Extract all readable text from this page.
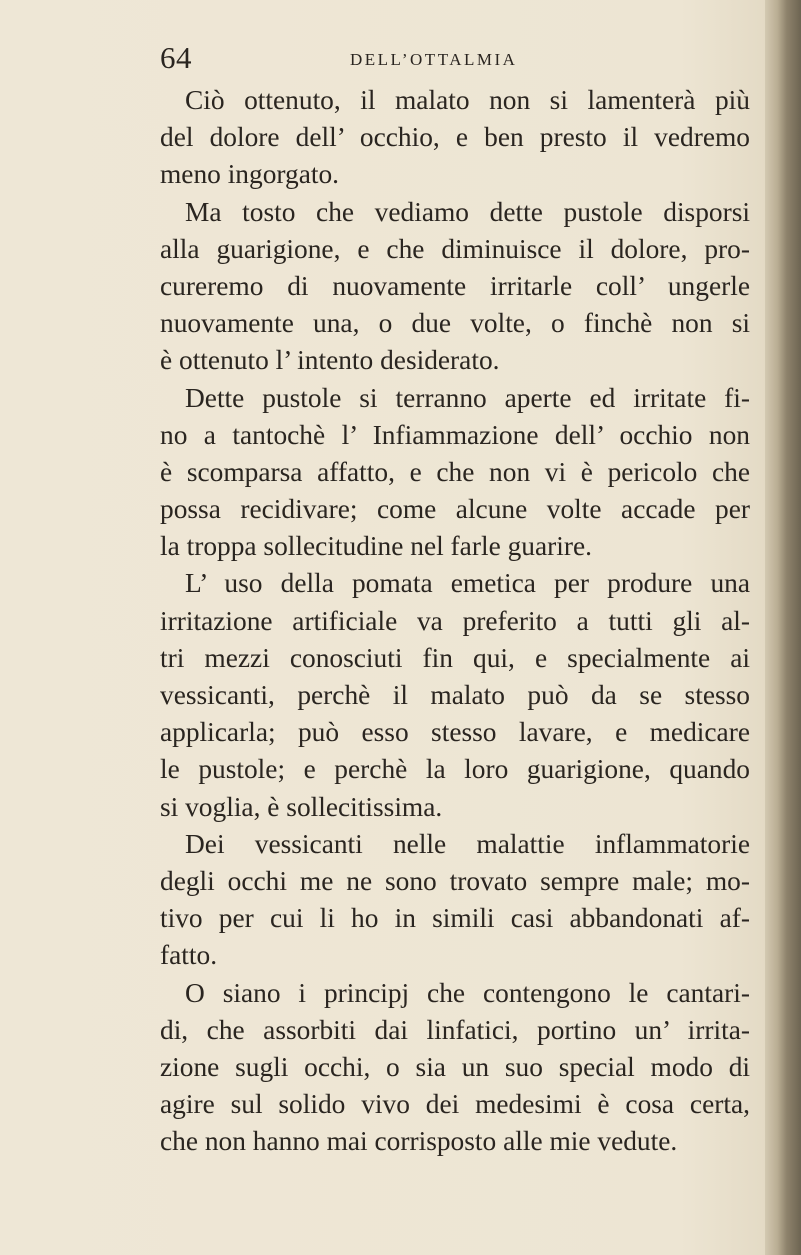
64	DELL’OTTALMIA
Ciò ottenuto, il malato non si lamenterà più
del dolore dell’ occhio, e ben presto il vedremo
meno ingorgato.
Ma tosto che vediamo dette pustole disporsi
alla guarigione, e che diminuisce il dolore, pro-
cureremo di nuovamente irritarle coll’ ungerle
nuovamente una, o due volte, o finchè non si
è ottenuto l’ intento desiderato.
Dette pustole si terranno aperte ed irritate fi-
no a tantochè l’ Infiammazione dell’ occhio non
è scomparsa affatto, e che non vi è pericolo che
possa recidivare; come alcune volte accade per
la troppa sollecitudine nel farle guarire.
L’ uso della pomata emetica per produre una
irritazione artificiale va preferito a tutti gli al-
tri mezzi conosciuti fin qui, e specialmente ai
vessicanti, perchè il malato può da se stesso
applicarla; può esso stesso lavare, e medicare
le pustole; e perchè la loro guarigione, quando
si voglia, è sollecitissima.
Dei vessicanti nelle malattie inflammatorie
degli occhi me ne sono trovato sempre male; mo-
tivo per cui li ho in simili casi abbandonati af-
fatto.
O siano i principj che contengono le cantari-
di, che assorbiti dai linfatici, portino un’ irrita-
zione sugli occhi, o sia un suo special modo di
agire sul solido vivo dei medesimi è cosa certa,
che non hanno mai corrisposto alle mie vedute.
